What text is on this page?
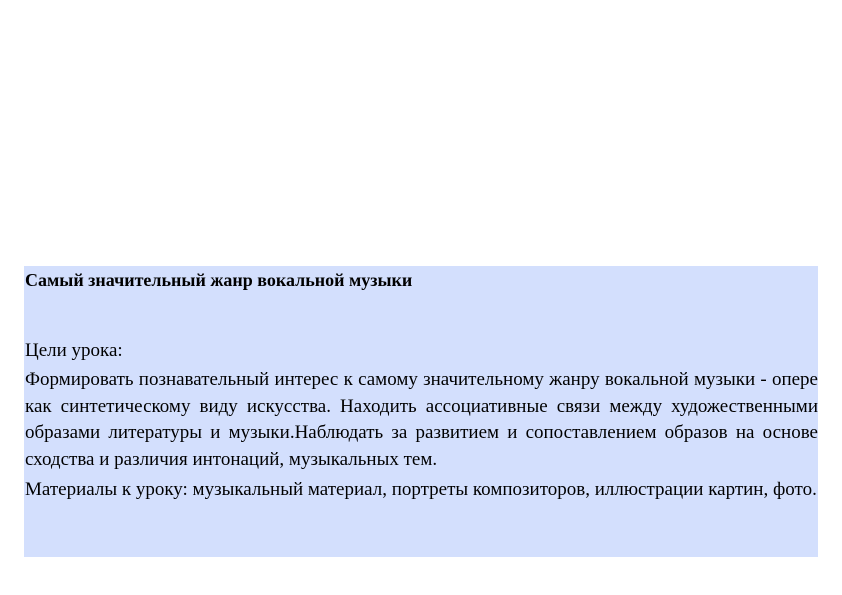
Самый значительный жанр вокальной музыки

Цели урока:

Формировать познавательный интерес к самому значительному жанру вокальной музыки - опере как синтетическому виду искусства. Находить ассоциативные связи между художественными образами литературы и музыки.Наблюдать за развитием и сопоставлением образов на основе сходства и различия интонаций, музыкальных тем.

Материалы к уроку: музыкальный материал, портреты композиторов, иллюстрации картин, фото.
